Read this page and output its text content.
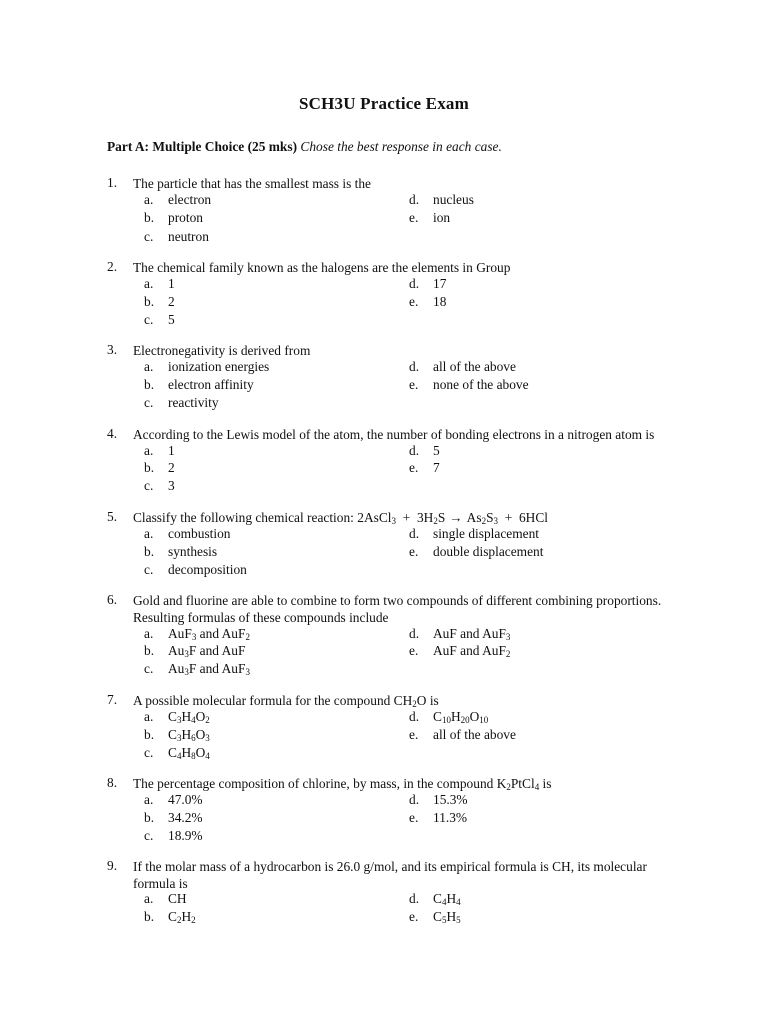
SCH3U Practice Exam
Part A: Multiple Choice (25 mks) Chose the best response in each case.
1. The particle that has the smallest mass is the
a. electron
b. proton
c. neutron
d. nucleus
e. ion
2. The chemical family known as the halogens are the elements in Group
a. 1
b. 2
c. 5
d. 17
e. 18
3. Electronegativity is derived from
a. ionization energies
b. electron affinity
c. reactivity
d. all of the above
e. none of the above
4. According to the Lewis model of the atom, the number of bonding electrons in a nitrogen atom is
a. 1
b. 2
c. 3
d. 5
e. 7
5. Classify the following chemical reaction: 2AsCl$_3$ + $3H_2S \to As_2S_3 + 6HCl$
a. combustion
b. synthesis
c. decomposition
d. single displacement
e. double displacement
6. Gold and fluorine are able to combine to form two compounds of different combining proportions.
Resulting formulas of these compounds include
a. AuF$_3$ and AuF$_2$
b. $Au_3F$ and AuF
c. $Au_3F$ and AuF$_3$
d. AuF and AuF$_3$
e. AuF and AuF$_2$
7. A possible molecular formula for the compound $CH_2O$ is
a. $C_3H_4O_2$
b. $C_3H_6O_3$
c. $C_4H_8O_4$
d. $C_{10}H_{20}O_{10}$
e. all of the above
8. The percentage composition of chlorine, by mass, in the compound $K_2PtCl_4$ is
a. 47.0%
b. 34.2%
c. 18.9%
d. 15.3%
e. 11.3%
9. If the molar mass of a hydrocarbon is 26.0 g/mol, and its empirical formula is CH, its molecular
formula is
a. CH
b. $C_2H_2$
d. $C_4H_4$
e. $C_5H_5$
